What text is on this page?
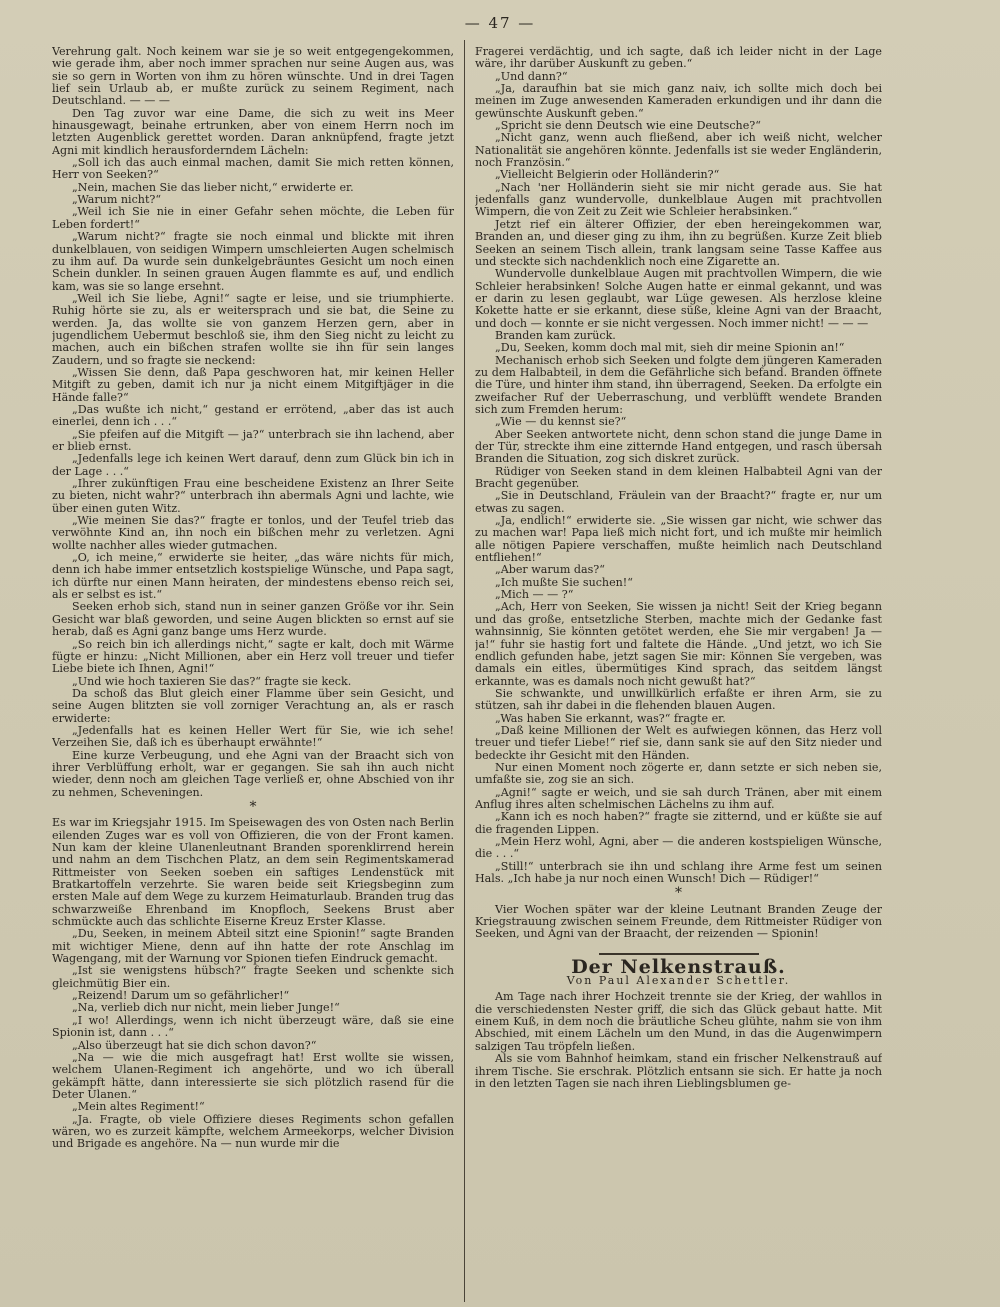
— 47 —

Verehrung galt. Noch keinem war sie je so weit entgegengekommen, wie gerade ihm, aber noch immer sprachen nur seine Augen aus, was sie so gern in Worten von ihm zu hören wünschte. Und in drei Tagen lief sein Urlaub ab, er mußte zurück zu seinem Regiment, nach Deutschland. — — —

Den Tag zuvor war eine Dame, die sich zu weit ins Meer hinausgewagt, beinahe ertrunken, aber von einem Herrn noch im letzten Augenblick gerettet worden. Daran anknüpfend, fragte jetzt Agni mit kindlich herausforderndem Lächeln:

„Soll ich das auch einmal machen, damit Sie mich retten können, Herr von Seeken?“

„Nein, machen Sie das lieber nicht,“ erwiderte er.

„Warum nicht?“

„Weil ich Sie nie in einer Gefahr sehen möchte, die Leben für Leben fordert!“

„Warum nicht?“ fragte sie noch einmal und blickte mit ihren dunkelblauen, von seidigen Wimpern umschleierten Augen schelmisch zu ihm auf. Da wurde sein dunkelgebräuntes Gesicht um noch einen Schein dunkler. In seinen grauen Augen flammte es auf, und endlich kam, was sie so lange ersehnt.

„Weil ich Sie liebe, Agni!“ sagte er leise, und sie triumphierte. Ruhig hörte sie zu, als er weitersprach und sie bat, die Seine zu werden. Ja, das wollte sie von ganzem Herzen gern, aber in jugendlichem Uebermut beschloß sie, ihm den Sieg nicht zu leicht zu machen, auch ein bißchen strafen wollte sie ihn für sein langes Zaudern, und so fragte sie neckend:

„Wissen Sie denn, daß Papa geschworen hat, mir keinen Heller Mitgift zu geben, damit ich nur ja nicht einem Mitgiftjäger in die Hände falle?“

„Das wußte ich nicht,“ gestand er errötend, „aber das ist auch einerlei, denn ich . . .“

„Sie pfeifen auf die Mitgift — ja?“ unterbrach sie ihn lachend, aber er blieb ernst.

„Jedenfalls lege ich keinen Wert darauf, denn zum Glück bin ich in der Lage . . .“

„Ihrer zukünftigen Frau eine bescheidene Existenz an Ihrer Seite zu bieten, nicht wahr?“ unterbrach ihn abermals Agni und lachte, wie über einen guten Witz.

„Wie meinen Sie das?“ fragte er tonlos, und der Teufel trieb das verwöhnte Kind an, ihn noch ein bißchen mehr zu verletzen. Agni wollte nachher alles wieder gutmachen.

„O, ich meine,“ erwiderte sie heiter, „das wäre nichts für mich, denn ich habe immer entsetzlich kostspielige Wünsche, und Papa sagt, ich dürfte nur einen Mann heiraten, der mindestens ebenso reich sei, als er selbst es ist.“

Seeken erhob sich, stand nun in seiner ganzen Größe vor ihr. Sein Gesicht war blaß geworden, und seine Augen blickten so ernst auf sie herab, daß es Agni ganz bange ums Herz wurde.

„So reich bin ich allerdings nicht,“ sagte er kalt, doch mit Wärme fügte er hinzu: „Nicht Millionen, aber ein Herz voll treuer und tiefer Liebe biete ich Ihnen, Agni!“

„Und wie hoch taxieren Sie das?“ fragte sie keck.

Da schoß das Blut gleich einer Flamme über sein Gesicht, und seine Augen blitzten sie voll zorniger Verachtung an, als er rasch erwiderte:

„Jedenfalls hat es keinen Heller Wert für Sie, wie ich sehe! Verzeihen Sie, daß ich es überhaupt erwähnte!“

Eine kurze Verbeugung, und ehe Agni van der Braacht sich von ihrer Verblüffung erholt, war er gegangen. Sie sah ihn auch nicht wieder, denn noch am gleichen Tage verließ er, ohne Abschied von ihr zu nehmen, Scheveningen.

*

Es war im Kriegsjahr 1915. Im Speisewagen des von Osten nach Berlin eilenden Zuges war es voll von Offizieren, die von der Front kamen. Nun kam der kleine Ulanenleutnant Branden sporenklirrend herein und nahm an dem Tischchen Platz, an dem sein Regimentskamerad Rittmeister von Seeken soeben ein saftiges Lendenstück mit Bratkartoffeln verzehrte. Sie waren beide seit Kriegsbeginn zum ersten Male auf dem Wege zu kurzem Heimaturlaub. Branden trug das schwarzweiße Ehrenband im Knopfloch, Seekens Brust aber schmückte auch das schlichte Eiserne Kreuz Erster Klasse.

„Du, Seeken, in meinem Abteil sitzt eine Spionin!“ sagte Branden mit wichtiger Miene, denn auf ihn hatte der rote Anschlag im Wagengang, mit der Warnung vor Spionen tiefen Eindruck gemacht.

„Ist sie wenigstens hübsch?“ fragte Seeken und schenkte sich gleichmütig Bier ein.

„Reizend! Darum um so gefährlicher!“

„Na, verlieb dich nur nicht, mein lieber Junge!“

„I wo! Allerdings, wenn ich nicht überzeugt wäre, daß sie eine Spionin ist, dann . . .“

„Also überzeugt hat sie dich schon davon?“

„Na — wie die mich ausgefragt hat! Erst wollte sie wissen, welchem Ulanen-Regiment ich angehörte, und wo ich überall gekämpft hätte, dann interessierte sie sich plötzlich rasend für die Deter Ulanen.“

„Mein altes Regiment!“

„Ja. Fragte, ob viele Offiziere dieses Regiments schon gefallen wären, wo es zurzeit kämpfte, welchem Armeekorps, welcher Division und Brigade es angehöre. Na — nun wurde mir die

Fragerei verdächtig, und ich sagte, daß ich leider nicht in der Lage wäre, ihr darüber Auskunft zu geben.“

„Und dann?“

„Ja, daraufhin bat sie mich ganz naiv, ich sollte mich doch bei meinen im Zuge anwesenden Kameraden erkundigen und ihr dann die gewünschte Auskunft geben.“

„Spricht sie denn Deutsch wie eine Deutsche?“

„Nicht ganz, wenn auch fließend, aber ich weiß nicht, welcher Nationalität sie angehören könnte. Jedenfalls ist sie weder Engländerin, noch Französin.“

„Vielleicht Belgierin oder Holländerin?“

„Nach 'ner Holländerin sieht sie mir nicht gerade aus. Sie hat jedenfalls ganz wundervolle, dunkelblaue Augen mit prachtvollen Wimpern, die von Zeit zu Zeit wie Schleier herabsinken.“

Jetzt rief ein älterer Offizier, der eben hereingekommen war, Branden an, und dieser ging zu ihm, ihn zu begrüßen. Kurze Zeit blieb Seeken an seinem Tisch allein, trank langsam seine Tasse Kaffee aus und steckte sich nachdenklich noch eine Zigarette an.

Wundervolle dunkelblaue Augen mit prachtvollen Wimpern, die wie Schleier herabsinken! Solche Augen hatte er einmal gekannt, und was er darin zu lesen geglaubt, war Lüge gewesen. Als herzlose kleine Kokette hatte er sie erkannt, diese süße, kleine Agni van der Braacht, und doch — konnte er sie nicht vergessen. Noch immer nicht! — — —

Branden kam zurück.

„Du, Seeken, komm doch mal mit, sieh dir meine Spionin an!“

Mechanisch erhob sich Seeken und folgte dem jüngeren Kameraden zu dem Halbabteil, in dem die Gefährliche sich befand. Branden öffnete die Türe, und hinter ihm stand, ihn überragend, Seeken. Da erfolgte ein zweifacher Ruf der Ueberraschung, und verblüfft wendete Branden sich zum Fremden herum:

„Wie — du kennst sie?“

Aber Seeken antwortete nicht, denn schon stand die junge Dame in der Tür, streckte ihm eine zitternde Hand entgegen, und rasch übersah Branden die Situation, zog sich diskret zurück.

Rüdiger von Seeken stand in dem kleinen Halbabteil Agni van der Bracht gegenüber.

„Sie in Deutschland, Fräulein van der Braacht?“ fragte er, nur um etwas zu sagen.

„Ja, endlich!“ erwiderte sie. „Sie wissen gar nicht, wie schwer das zu machen war! Papa ließ mich nicht fort, und ich mußte mir heimlich alle nötigen Papiere verschaffen, mußte heimlich nach Deutschland entfliehen!“

„Aber warum das?“

„Ich mußte Sie suchen!“

„Mich — — ?“

„Ach, Herr von Seeken, Sie wissen ja nicht! Seit der Krieg begann und das große, entsetzliche Sterben, machte mich der Gedanke fast wahnsinnig, Sie könnten getötet werden, ehe Sie mir vergaben! Ja — ja!“ fuhr sie hastig fort und faltete die Hände. „Und jetzt, wo ich Sie endlich gefunden habe, jetzt sagen Sie mir: Können Sie vergeben, was damals ein eitles, übermütiges Kind sprach, das seitdem längst erkannte, was es damals noch nicht gewußt hat?“

Sie schwankte, und unwillkürlich erfaßte er ihren Arm, sie zu stützen, sah ihr dabei in die flehenden blauen Augen.

„Was haben Sie erkannt, was?“ fragte er.

„Daß keine Millionen der Welt es aufwiegen können, das Herz voll treuer und tiefer Liebe!“ rief sie, dann sank sie auf den Sitz nieder und bedeckte ihr Gesicht mit den Händen.

Nur einen Moment noch zögerte er, dann setzte er sich neben sie, umfaßte sie, zog sie an sich.

„Agni!“ sagte er weich, und sie sah durch Tränen, aber mit einem Anflug ihres alten schelmischen Lächelns zu ihm auf.

„Kann ich es noch haben?“ fragte sie zitternd, und er küßte sie auf die fragenden Lippen.

„Mein Herz wohl, Agni, aber — die anderen kostspieligen Wünsche, die . . .“

„Still!“ unterbrach sie ihn und schlang ihre Arme fest um seinen Hals. „Ich habe ja nur noch einen Wunsch! Dich — Rüdiger!“

*

Vier Wochen später war der kleine Leutnant Branden Zeuge der Kriegstrauung zwischen seinem Freunde, dem Rittmeister Rüdiger von Seeken, und Agni van der Braacht, der reizenden — Spionin!

Der Nelkenstrauß.
Von Paul Alexander Schettler.

Am Tage nach ihrer Hochzeit trennte sie der Krieg, der wahllos in die verschiedensten Nester griff, die sich das Glück gebaut hatte. Mit einem Kuß, in dem noch die bräutliche Scheu glühte, nahm sie von ihm Abschied, mit einem Lächeln um den Mund, in das die Augenwimpern salzigen Tau tröpfeln ließen.

Als sie vom Bahnhof heimkam, stand ein frischer Nelkenstrauß auf ihrem Tische. Sie erschrak. Plötzlich entsann sie sich. Er hatte ja noch in den letzten Tagen sie nach ihren Lieblingsblumen ge-
